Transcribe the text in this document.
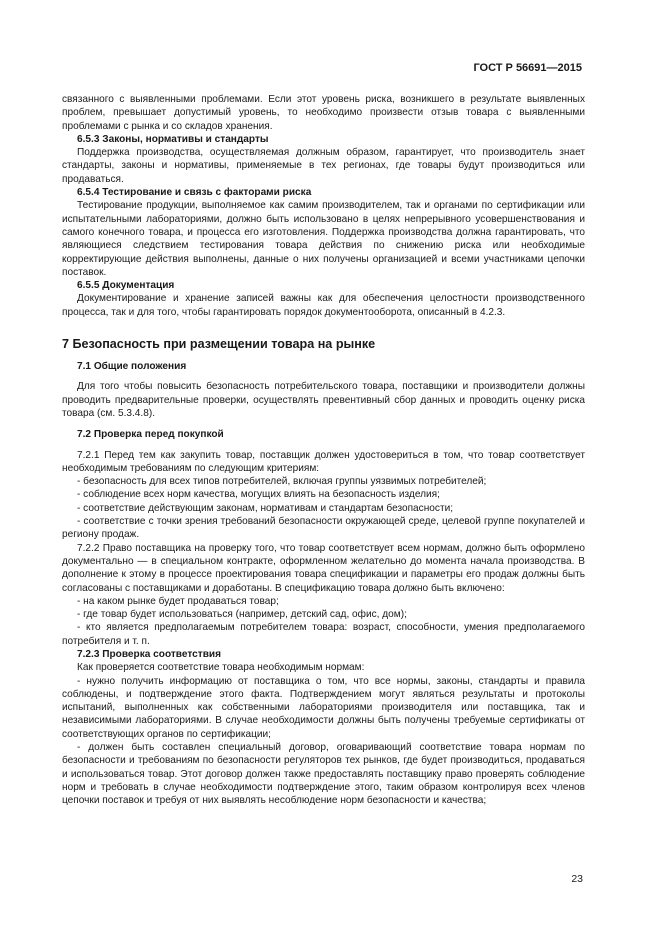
ГОСТ Р 56691—2015

связанного с выявленными проблемами. Если этот уровень риска, возникшего в результате выявленных проблем, превышает допустимый уровень, то необходимо произвести отзыв товара с выявленными проблемами с рынка и со складов хранения.

6.5.3 Законы, нормативы и стандарты

Поддержка производства, осуществляемая должным образом, гарантирует, что производитель знает стандарты, законы и нормативы, применяемые в тех регионах, где товары будут производиться или продаваться.

6.5.4 Тестирование и связь с факторами риска

Тестирование продукции, выполняемое как самим производителем, так и органами по сертификации или испытательными лабораториями, должно быть использовано в целях непрерывного усовершенствования и самого конечного товара, и процесса его изготовления. Поддержка производства должна гарантировать, что являющиеся следствием тестирования товара действия по снижению риска или необходимые корректирующие действия выполнены, данные о них получены организацией и всеми участниками цепочки поставок.

6.5.5 Документация

Документирование и хранение записей важны как для обеспечения целостности производственного процесса, так и для того, чтобы гарантировать порядок документооборота, описанный в 4.2.3.

7 Безопасность при размещении товара на рынке

7.1 Общие положения

Для того чтобы повысить безопасность потребительского товара, поставщики и производители должны проводить предварительные проверки, осуществлять превентивный сбор данных и проводить оценку риска товара (см. 5.3.4.8).

7.2 Проверка перед покупкой

7.2.1 Перед тем как закупить товар, поставщик должен удостовериться в том, что товар соответствует необходимым требованиям по следующим критериям:

- безопасность для всех типов потребителей, включая группы уязвимых потребителей;

- соблюдение всех норм качества, могущих влиять на безопасность изделия;

- соответствие действующим законам, нормативам и стандартам безопасности;

- соответствие с точки зрения требований безопасности окружающей среде, целевой группе покупателей и региону продаж.

7.2.2 Право поставщика на проверку того, что товар соответствует всем нормам, должно быть оформлено документально — в специальном контракте, оформленном желательно до момента начала производства. В дополнение к этому в процессе проектирования товара спецификации и параметры его продаж должны быть согласованы с поставщиками и доработаны. В спецификацию товара должно быть включено:

- на каком рынке будет продаваться товар;

- где товар будет использоваться (например, детский сад, офис, дом);

- кто является предполагаемым потребителем товара: возраст, способности, умения предполагаемого потребителя и т. п.

7.2.3 Проверка соответствия

Как проверяется соответствие товара необходимым нормам:

- нужно получить информацию от поставщика о том, что все нормы, законы, стандарты и правила соблюдены, и подтверждение этого факта. Подтверждением могут являться результаты и протоколы испытаний, выполненных как собственными лабораториями производителя или поставщика, так и независимыми лабораториями. В случае необходимости должны быть получены требуемые сертификаты от соответствующих органов по сертификации;

- должен быть составлен специальный договор, оговаривающий соответствие товара нормам по безопасности и требованиям по безопасности регуляторов тех рынков, где будет производиться, продаваться и использоваться товар. Этот договор должен также предоставлять поставщику право проверять соблюдение норм и требовать в случае необходимости подтверждение этого, таким образом контролируя всех членов цепочки поставок и требуя от них выявлять несоблюдение норм безопасности и качества;

23
